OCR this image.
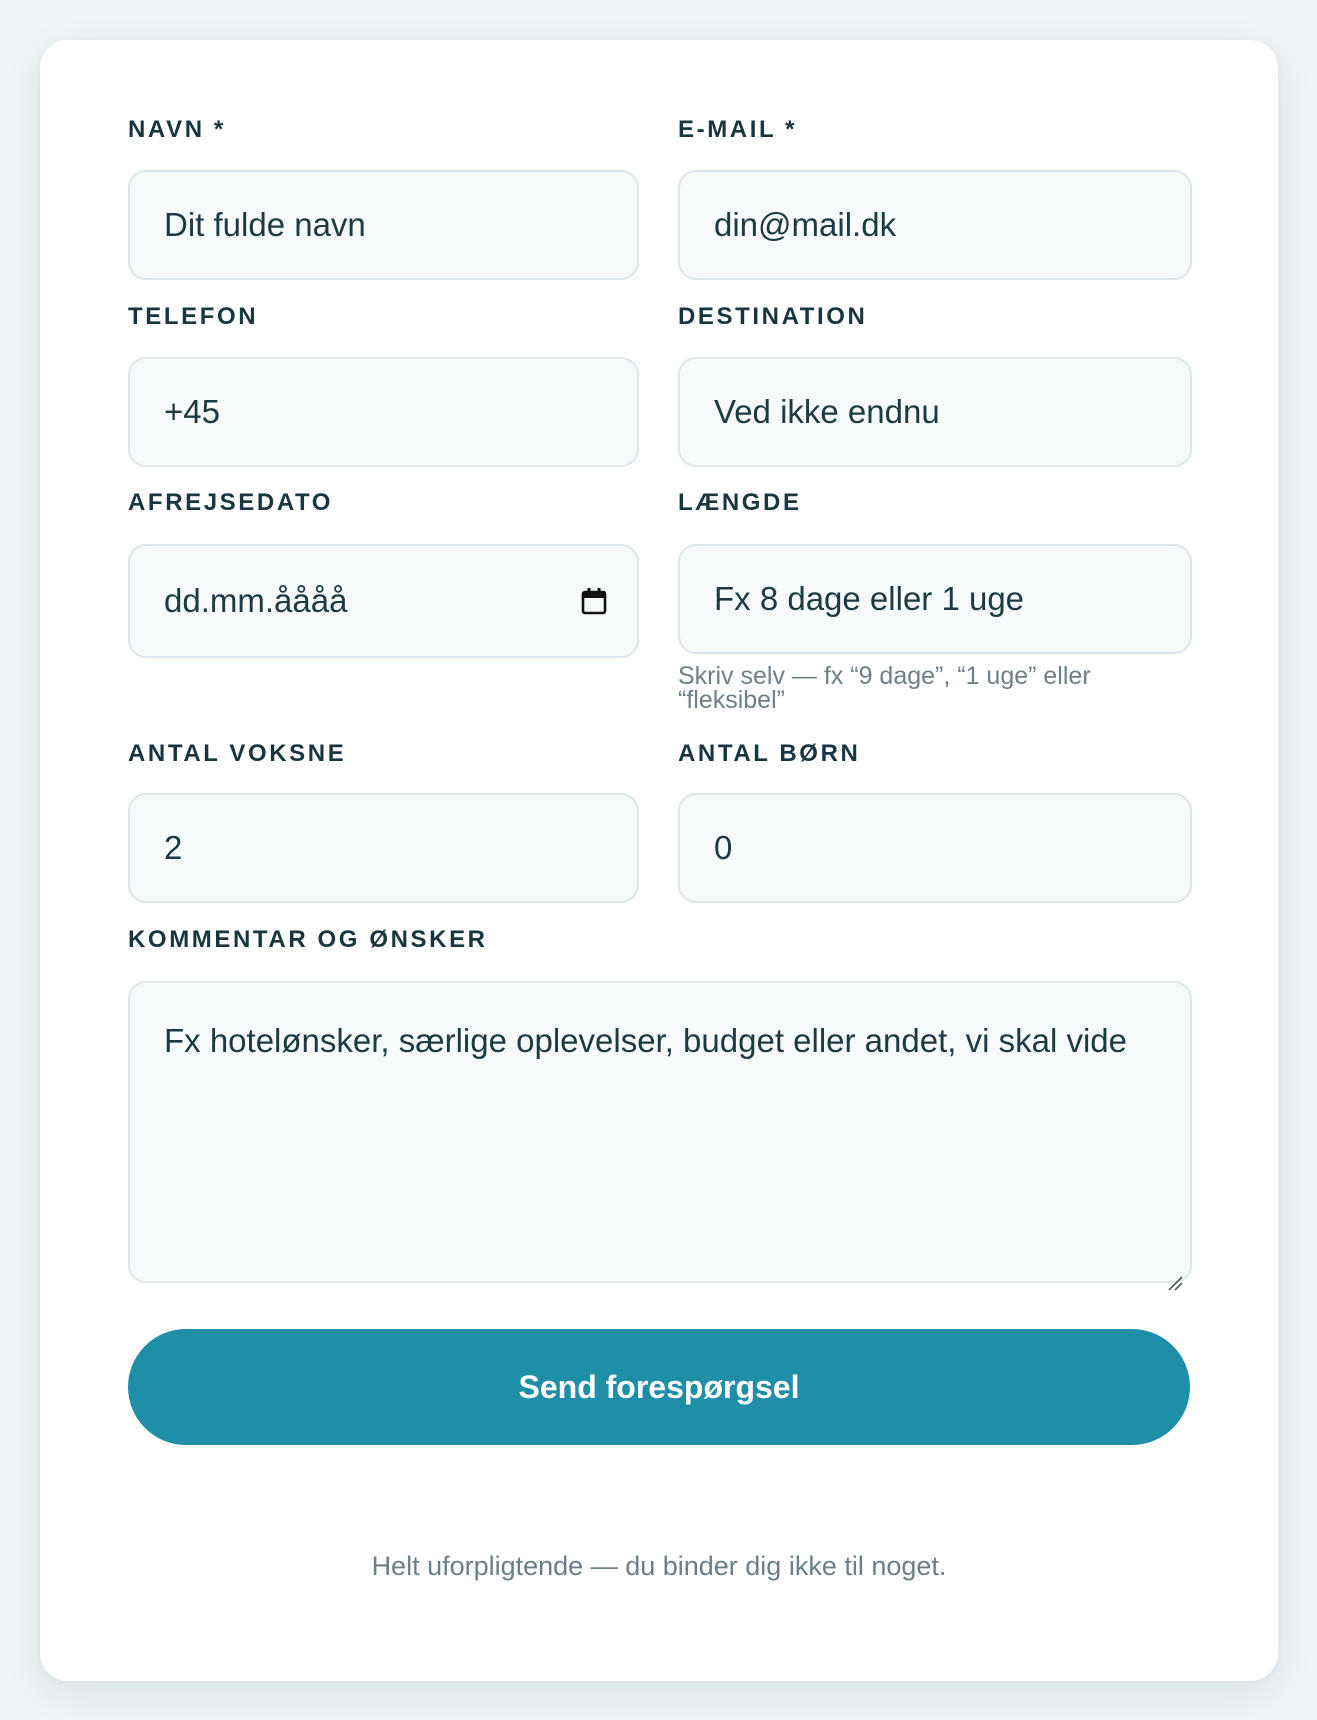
NAVN *
Dit fulde navn
E-MAIL *
din@mail.dk
TELEFON
+45
DESTINATION
Ved ikke endnu
AFREJSEDATO
dd.mm.åååå
LÆNGDE
Fx 8 dage eller 1 uge
Skriv selv — fx “9 dage”, “1 uge” eller “fleksibel”
ANTAL VOKSNE
2
ANTAL BØRN
0
KOMMENTAR OG ØNSKER
Fx hotelønsker, særlige oplevelser, budget eller andet, vi skal vide
Send forespørgsel
Helt uforpligtende — du binder dig ikke til noget.
